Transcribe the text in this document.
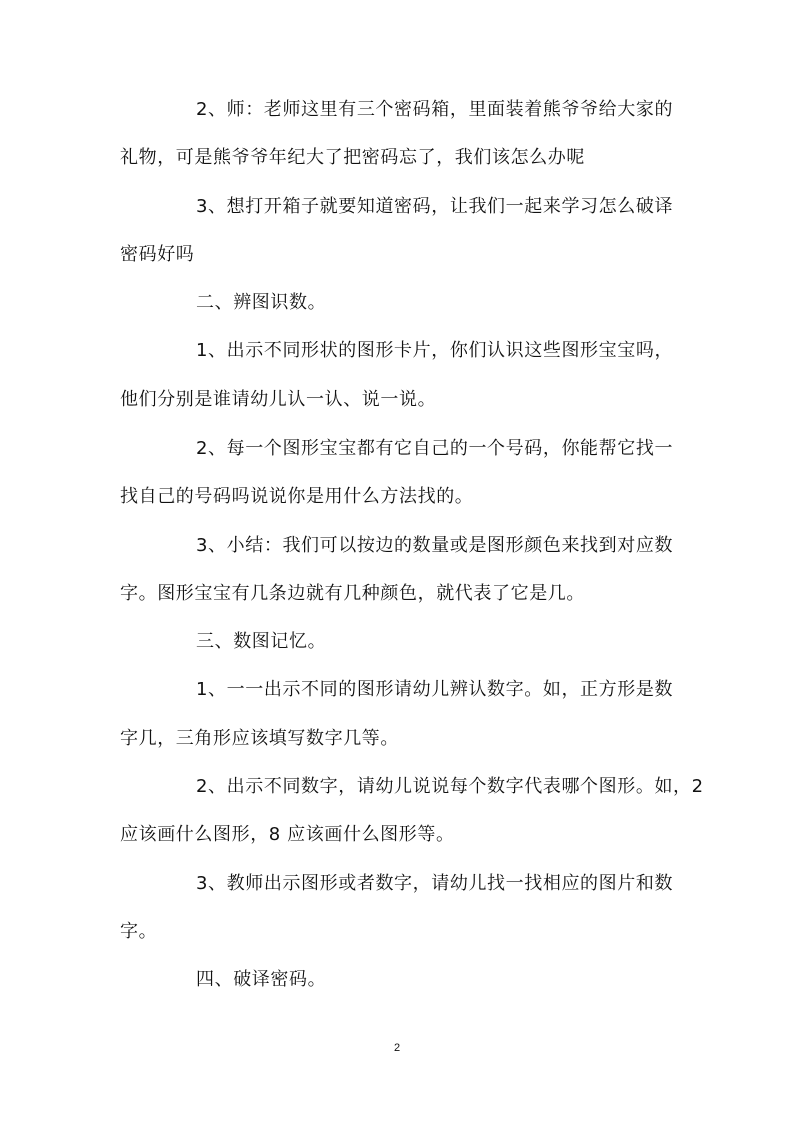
2、师：老师这里有三个密码箱，里面装着熊爷爷给大家的
礼物，可是熊爷爷年纪大了把密码忘了，我们该怎么办呢
3、想打开箱子就要知道密码，让我们一起来学习怎么破译
密码好吗
二、辨图识数。
1、出示不同形状的图形卡片，你们认识这些图形宝宝吗，
他们分别是谁请幼儿认一认、说一说。
2、每一个图形宝宝都有它自己的一个号码，你能帮它找一
找自己的号码吗说说你是用什么方法找的。
3、小结：我们可以按边的数量或是图形颜色来找到对应数
字。图形宝宝有几条边就有几种颜色，就代表了它是几。
三、数图记忆。
1、一一出示不同的图形请幼儿辨认数字。如，正方形是数
字几，三角形应该填写数字几等。
2、出示不同数字，请幼儿说说每个数字代表哪个图形。如，2
应该画什么图形，8 应该画什么图形等。
3、教师出示图形或者数字，请幼儿找一找相应的图片和数
字。
四、破译密码。
2
